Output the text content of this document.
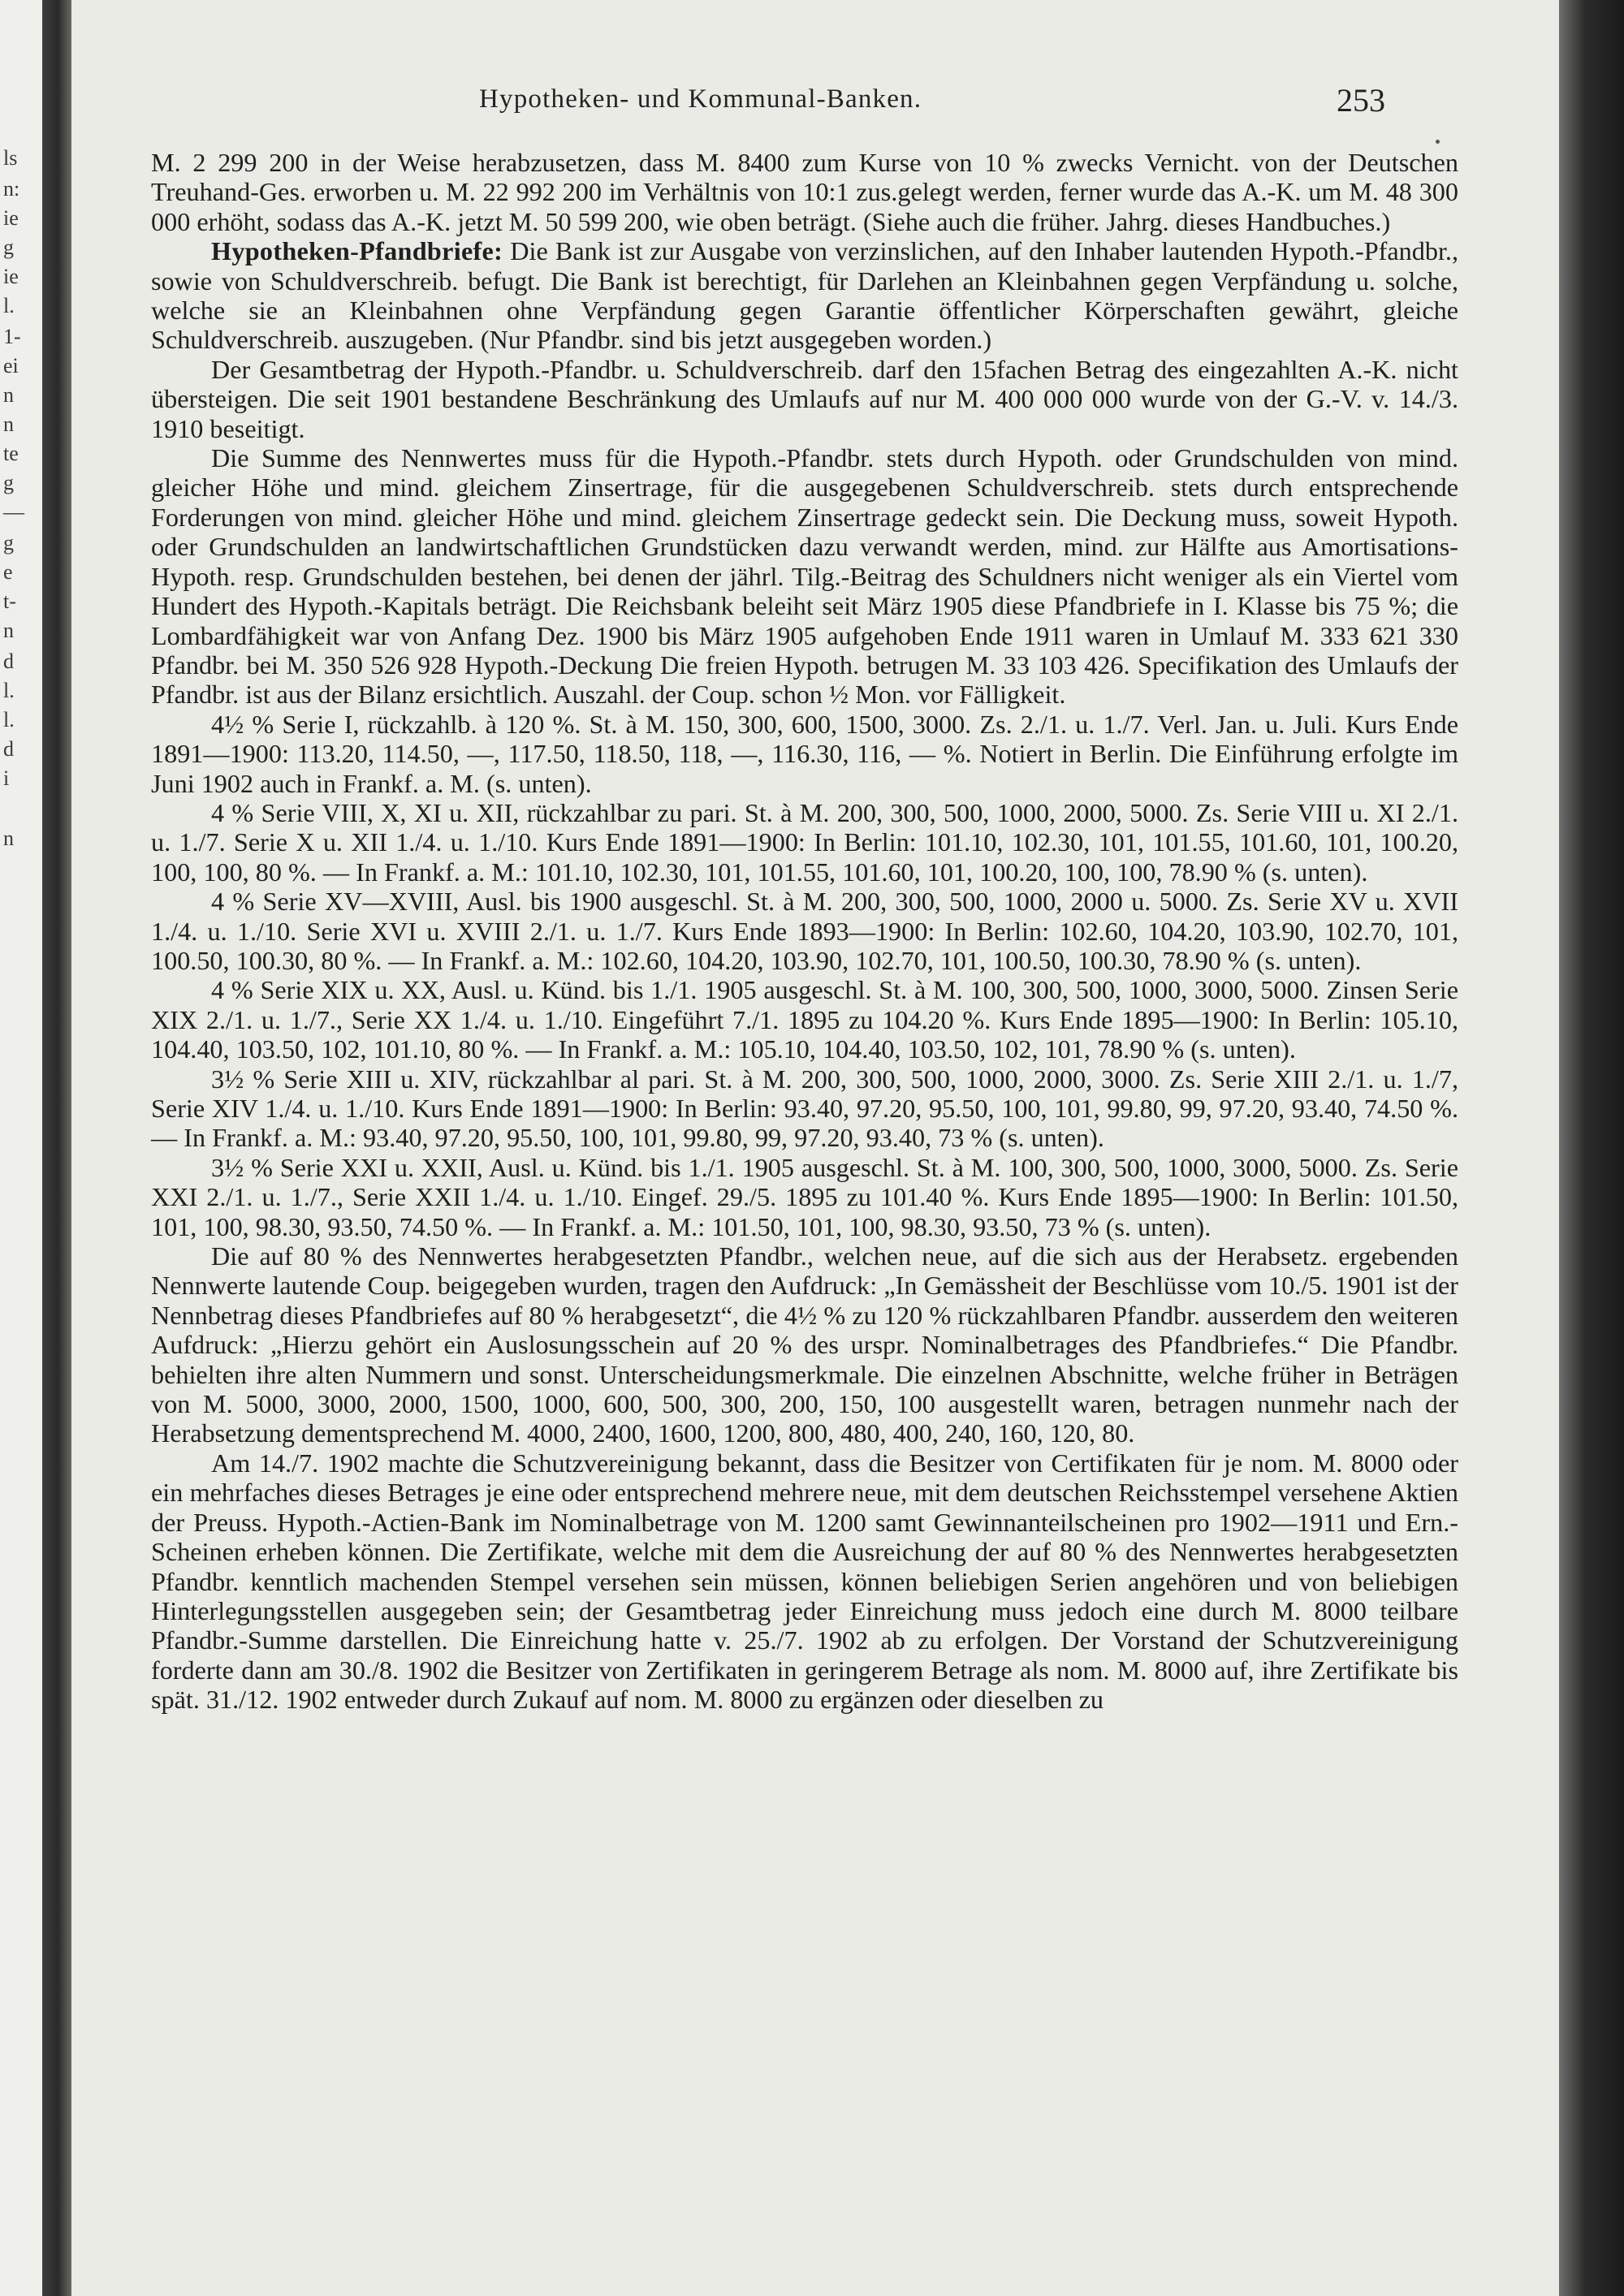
ls
n:
ie
g
ie
l.
1-
ei
n
n
te
g
—
g
e
t-
n
d
l.
l.
d
i
n
Hypotheken- und Kommunal-Banken.	253

M. 2 299 200 in der Weise herabzusetzen, dass M. 8400 zum Kurse von 10 % zwecks Vernicht. von der Deutschen Treuhand-Ges. erworben u. M. 22 992 200 im Verhältnis von 10:1 zus.gelegt werden, ferner wurde das A.-K. um M. 48 300 000 erhöht, sodass das A.-K. jetzt M. 50 599 200, wie oben beträgt. (Siehe auch die früher. Jahrg. dieses Handbuches.)

Hypotheken-Pfandbriefe: Die Bank ist zur Ausgabe von verzinslichen, auf den Inhaber lautenden Hypoth.-Pfandbr., sowie von Schuldverschreib. befugt. Die Bank ist berechtigt, für Darlehen an Kleinbahnen gegen Verpfändung u. solche, welche sie an Kleinbahnen ohne Verpfändung gegen Garantie öffentlicher Körperschaften gewährt, gleiche Schuldverschreib. auszugeben. (Nur Pfandbr. sind bis jetzt ausgegeben worden.)

Der Gesamtbetrag der Hypoth.-Pfandbr. u. Schuldverschreib. darf den 15fachen Betrag des eingezahlten A.-K. nicht übersteigen. Die seit 1901 bestandene Beschränkung des Umlaufs auf nur M. 400 000 000 wurde von der G.-V. v. 14./3. 1910 beseitigt.

Die Summe des Nennwertes muss für die Hypoth.-Pfandbr. stets durch Hypoth. oder Grundschulden von mind. gleicher Höhe und mind. gleichem Zinsertrage, für die ausgegebenen Schuldverschreib. stets durch entsprechende Forderungen von mind. gleicher Höhe und mind. gleichem Zinsertrage gedeckt sein. Die Deckung muss, soweit Hypoth. oder Grundschulden an landwirtschaftlichen Grundstücken dazu verwandt werden, mind. zur Hälfte aus Amortisations-Hypoth. resp. Grundschulden bestehen, bei denen der jährl. Tilg.-Beitrag des Schuldners nicht weniger als ein Viertel vom Hundert des Hypoth.-Kapitals beträgt. Die Reichsbank beleiht seit März 1905 diese Pfandbriefe in I. Klasse bis 75 %; die Lombardfähigkeit war von Anfang Dez. 1900 bis März 1905 aufgehoben Ende 1911 waren in Umlauf M. 333 621 330 Pfandbr. bei M. 350 526 928 Hypoth.-Deckung Die freien Hypoth. betrugen M. 33 103 426. Specifikation des Umlaufs der Pfandbr. ist aus der Bilanz ersichtlich. Auszahl. der Coup. schon ½ Mon. vor Fälligkeit.

4½ % Serie I, rückzahlb. à 120 %. St. à M. 150, 300, 600, 1500, 3000. Zs. 2./1. u. 1./7. Verl. Jan. u. Juli. Kurs Ende 1891—1900: 113.20, 114.50, —, 117.50, 118.50, 118, —, 116.30, 116, — %. Notiert in Berlin. Die Einführung erfolgte im Juni 1902 auch in Frankf. a. M. (s. unten).

4 % Serie VIII, X, XI u. XII, rückzahlbar zu pari. St. à M. 200, 300, 500, 1000, 2000, 5000. Zs. Serie VIII u. XI 2./1. u. 1./7. Serie X u. XII 1./4. u. 1./10. Kurs Ende 1891—1900: In Berlin: 101.10, 102.30, 101, 101.55, 101.60, 101, 100.20, 100, 100, 80 %. — In Frankf. a. M.: 101.10, 102.30, 101, 101.55, 101.60, 101, 100.20, 100, 100, 78.90 % (s. unten).

4 % Serie XV—XVIII, Ausl. bis 1900 ausgeschl. St. à M. 200, 300, 500, 1000, 2000 u. 5000. Zs. Serie XV u. XVII 1./4. u. 1./10. Serie XVI u. XVIII 2./1. u. 1./7. Kurs Ende 1893—1900: In Berlin: 102.60, 104.20, 103.90, 102.70, 101, 100.50, 100.30, 80 %. — In Frankf. a. M.: 102.60, 104.20, 103.90, 102.70, 101, 100.50, 100.30, 78.90 % (s. unten).

4 % Serie XIX u. XX, Ausl. u. Künd. bis 1./1. 1905 ausgeschl. St. à M. 100, 300, 500, 1000, 3000, 5000. Zinsen Serie XIX 2./1. u. 1./7., Serie XX 1./4. u. 1./10. Eingeführt 7./1. 1895 zu 104.20 %. Kurs Ende 1895—1900: In Berlin: 105.10, 104.40, 103.50, 102, 101.10, 80 %. — In Frankf. a. M.: 105.10, 104.40, 103.50, 102, 101, 78.90 % (s. unten).

3½ % Serie XIII u. XIV, rückzahlbar al pari. St. à M. 200, 300, 500, 1000, 2000, 3000. Zs. Serie XIII 2./1. u. 1./7, Serie XIV 1./4. u. 1./10. Kurs Ende 1891—1900: In Berlin: 93.40, 97.20, 95.50, 100, 101, 99.80, 99, 97.20, 93.40, 74.50 %. — In Frankf. a. M.: 93.40, 97.20, 95.50, 100, 101, 99.80, 99, 97.20, 93.40, 73 % (s. unten).

3½ % Serie XXI u. XXII, Ausl. u. Künd. bis 1./1. 1905 ausgeschl. St. à M. 100, 300, 500, 1000, 3000, 5000. Zs. Serie XXI 2./1. u. 1./7., Serie XXII 1./4. u. 1./10. Eingef. 29./5. 1895 zu 101.40 %. Kurs Ende 1895—1900: In Berlin: 101.50, 101, 100, 98.30, 93.50, 74.50 %. — In Frankf. a. M.: 101.50, 101, 100, 98.30, 93.50, 73 % (s. unten).

Die auf 80 % des Nennwertes herabgesetzten Pfandbr., welchen neue, auf die sich aus der Herabsetz. ergebenden Nennwerte lautende Coup. beigegeben wurden, tragen den Aufdruck: „In Gemässheit der Beschlüsse vom 10./5. 1901 ist der Nennbetrag dieses Pfandbriefes auf 80 % herabgesetzt“, die 4½ % zu 120 % rückzahlbaren Pfandbr. ausserdem den weiteren Aufdruck: „Hierzu gehört ein Auslosungsschein auf 20 % des urspr. Nominalbetrages des Pfandbriefes.“ Die Pfandbr. behielten ihre alten Nummern und sonst. Unterscheidungsmerkmale. Die einzelnen Abschnitte, welche früher in Beträgen von M. 5000, 3000, 2000, 1500, 1000, 600, 500, 300, 200, 150, 100 ausgestellt waren, betragen nunmehr nach der Herabsetzung dementsprechend M. 4000, 2400, 1600, 1200, 800, 480, 400, 240, 160, 120, 80.

Am 14./7. 1902 machte die Schutzvereinigung bekannt, dass die Besitzer von Certifikaten für je nom. M. 8000 oder ein mehrfaches dieses Betrages je eine oder entsprechend mehrere neue, mit dem deutschen Reichsstempel versehene Aktien der Preuss. Hypoth.-Actien-Bank im Nominalbetrage von M. 1200 samt Gewinnanteilscheinen pro 1902—1911 und Ern.-Scheinen erheben können. Die Zertifikate, welche mit dem die Ausreichung der auf 80 % des Nennwertes herabgesetzten Pfandbr. kenntlich machenden Stempel versehen sein müssen, können beliebigen Serien angehören und von beliebigen Hinterlegungsstellen ausgegeben sein; der Gesamtbetrag jeder Einreichung muss jedoch eine durch M. 8000 teilbare Pfandbr.-Summe darstellen. Die Einreichung hatte v. 25./7. 1902 ab zu erfolgen. Der Vorstand der Schutzvereinigung forderte dann am 30./8. 1902 die Besitzer von Zertifikaten in geringerem Betrage als nom. M. 8000 auf, ihre Zertifikate bis spät. 31./12. 1902 entweder durch Zukauf auf nom. M. 8000 zu ergänzen oder dieselben zu
